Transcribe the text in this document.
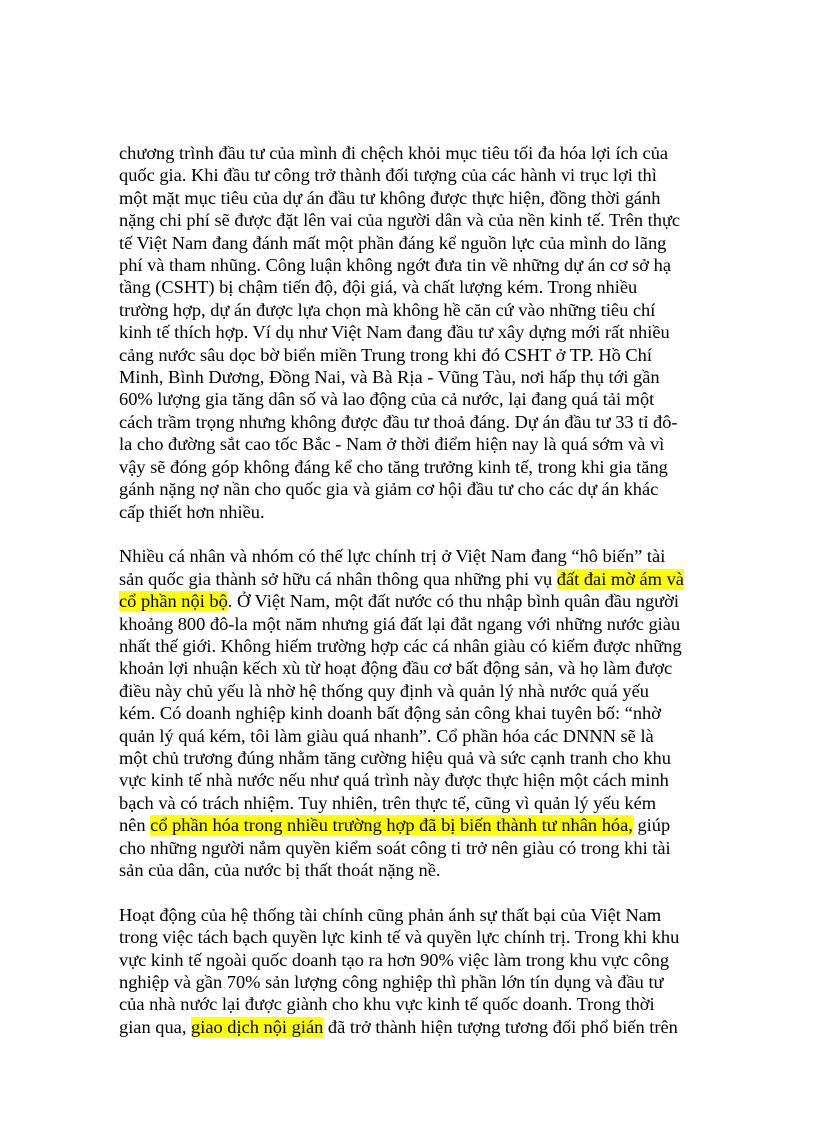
chương trình đầu tư của mình đi chệch khỏi mục tiêu tối đa hóa lợi ích của
quốc gia. Khi đầu tư công trở thành đối tượng của các hành vi trục lợi thì
một mặt mục tiêu của dự án đầu tư không được thực hiện, đồng thời gánh
nặng chi phí sẽ được đặt lên vai của người dân và của nền kinh tế. Trên thực
tế Việt Nam đang đánh mất một phần đáng kể nguồn lực của mình do lãng
phí và tham nhũng. Công luận không ngớt đưa tin về những dự án cơ sở hạ
tầng (CSHT) bị chậm tiến độ, đội giá, và chất lượng kém. Trong nhiều
trường hợp, dự án được lựa chọn mà không hề căn cứ vào những tiêu chí
kinh tế thích hợp. Ví dụ như Việt Nam đang đầu tư xây dựng mới rất nhiều
cảng nước sâu dọc bờ biển miền Trung trong khi đó CSHT ở TP. Hồ Chí
Minh, Bình Dương, Đồng Nai, và Bà Rịa - Vũng Tàu, nơi hấp thụ tới gần
60% lượng gia tăng dân số và lao động của cả nước, lại đang quá tải một
cách trầm trọng nhưng không được đầu tư thoả đáng. Dự án đầu tư 33 tỉ đô-
la cho đường sắt cao tốc Bắc - Nam ở thời điểm hiện nay là quá sớm và vì
vậy sẽ đóng góp không đáng kể cho tăng trưởng kinh tế, trong khi gia tăng
gánh nặng nợ nần cho quốc gia và giảm cơ hội đầu tư cho các dự án khác
cấp thiết hơn nhiều.

Nhiều cá nhân và nhóm có thế lực chính trị ở Việt Nam đang “hô biến” tài
sản quốc gia thành sở hữu cá nhân thông qua những phi vụ đất đai mờ ám và
cổ phần nội bộ. Ở Việt Nam, một đất nước có thu nhập bình quân đầu người
khoảng 800 đô-la một năm nhưng giá đất lại đắt ngang với những nước giàu
nhất thế giới. Không hiếm trường hợp các cá nhân giàu có kiếm được những
khoản lợi nhuận kếch xù từ hoạt động đầu cơ bất động sản, và họ làm được
điều này chủ yếu là nhờ hệ thống quy định và quản lý nhà nước quá yếu
kém. Có doanh nghiệp kinh doanh bất động sản công khai tuyên bố: “nhờ
quản lý quá kém, tôi làm giàu quá nhanh”. Cổ phần hóa các DNNN sẽ là
một chủ trương đúng nhằm tăng cường hiệu quả và sức cạnh tranh cho khu
vực kinh tế nhà nước nếu như quá trình này được thực hiện một cách minh
bạch và có trách nhiệm. Tuy nhiên, trên thực tế, cũng vì quản lý yếu kém
nên cổ phần hóa trong nhiều trường hợp đã bị biến thành tư nhân hóa, giúp
cho những người nắm quyền kiểm soát công ti trở nên giàu có trong khi tài
sản của dân, của nước bị thất thoát nặng nề.

Hoạt động của hệ thống tài chính cũng phản ánh sự thất bại của Việt Nam
trong việc tách bạch quyền lực kinh tế và quyền lực chính trị. Trong khi khu
vực kinh tế ngoài quốc doanh tạo ra hơn 90% việc làm trong khu vực công
nghiệp và gần 70% sản lượng công nghiệp thì phần lớn tín dụng và đầu tư
của nhà nước lại được giành cho khu vực kinh tế quốc doanh. Trong thời
gian qua, giao dịch nội gián đã trở thành hiện tượng tương đối phổ biến trên
